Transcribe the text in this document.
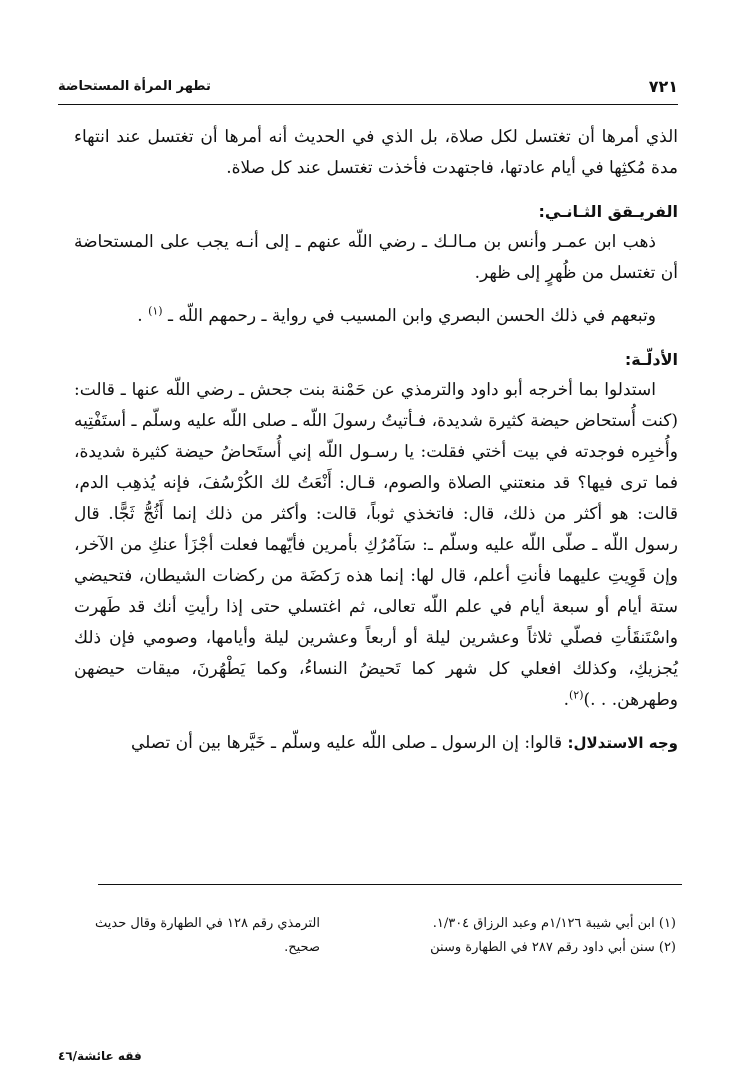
٧٢١
تطهر المرأة المستحاضة

الذي أمرها أن تغتسل لكل صلاة، بل الذي في الحديث أنه أمرها أن تغتسل عند انتهاء مدة مُكثِها في أيام عادتها، فاجتهدت فأخذت تغتسل عند كل صلاة.

الفريـقق الثـانـي:

ذهب ابن عمـر وأنس بن مـالـك ـ رضي اللّه عنهم ـ إلى أنـه يجب على المستحاضة أن تغتسل من ظُهرٍ إلى ظهر.

وتبعهم في ذلك الحسن البصري وابن المسيب في رواية ـ رحمهم اللّه ـ $^{(١)}$ .

الأدلّـة:

استدلوا بما أخرجه أبو داود والترمذي عن حَمْنة بنت جحش ـ رضي اللّه عنها ـ قالت: (كنت أُستحاض حيضة كثيرة شديدة، فـأتيتُ رسولَ اللّه ـ صلى اللّه عليه وسلّم ـ أستَفْتِيه وأُخبِره فوجدته في بيت أختي فقلت: يا رسـول اللّه إني أُستَحاضُ حيضة كثيرة شديدة، فما ترى فيها؟ قد منعتني الصلاة والصوم، قـال: أَنْعَتُ لك الكُرْسُفَ، فإنه يُذهِب الدم، قالت: هو أكثر من ذلك، قال: فاتخذي ثوباً، قالت: وأكثر من ذلك إنما أَثُجُّ ثَجًّا. قال رسول اللّه ـ صلّى اللّه عليه وسلّم ـ: سَآمُرُكِ بأمرين فأيّهما فعلت أجْزَأ عنكِ من الآخر، وإن قَوِيتِ عليهما فأنتِ أعلم، قال لها: إنما هذه رَكضَة من ركضات الشيطان، فتحيضي ستة أيام أو سبعة أيام في علم اللّه تعالى، ثم اغتسلي حتى إذا رأيتِ أنك قد طَهرت واسْتَنقَأتِ فصلّي ثلاثاً وعشرين ليلة أو أربعاً وعشرين ليلة وأيامها، وصومي فإن ذلك يُجزيكِ، وكذلك افعلي كل شهر كما تَحيضُ النساءُ، وكما يَطْهُرنَ، ميقات حيضهن وطهرهن. . .)$^{(٢)}$.

وجه الاستدلال: قالوا: إن الرسول ـ صلى اللّه عليه وسلّم ـ خَيَّرها بين أن تصلي

(١) ابن أبي شيبة ١/١٢٦م وعبد الرزاق ١/٣٠٤.

(٢) سنن أبي داود رقم ٢٨٧ في الطهارة وسنن

الترمذي رقم ١٢٨ في الطهارة وقال حديث صحيح.

فقه عائشة/٤٦
